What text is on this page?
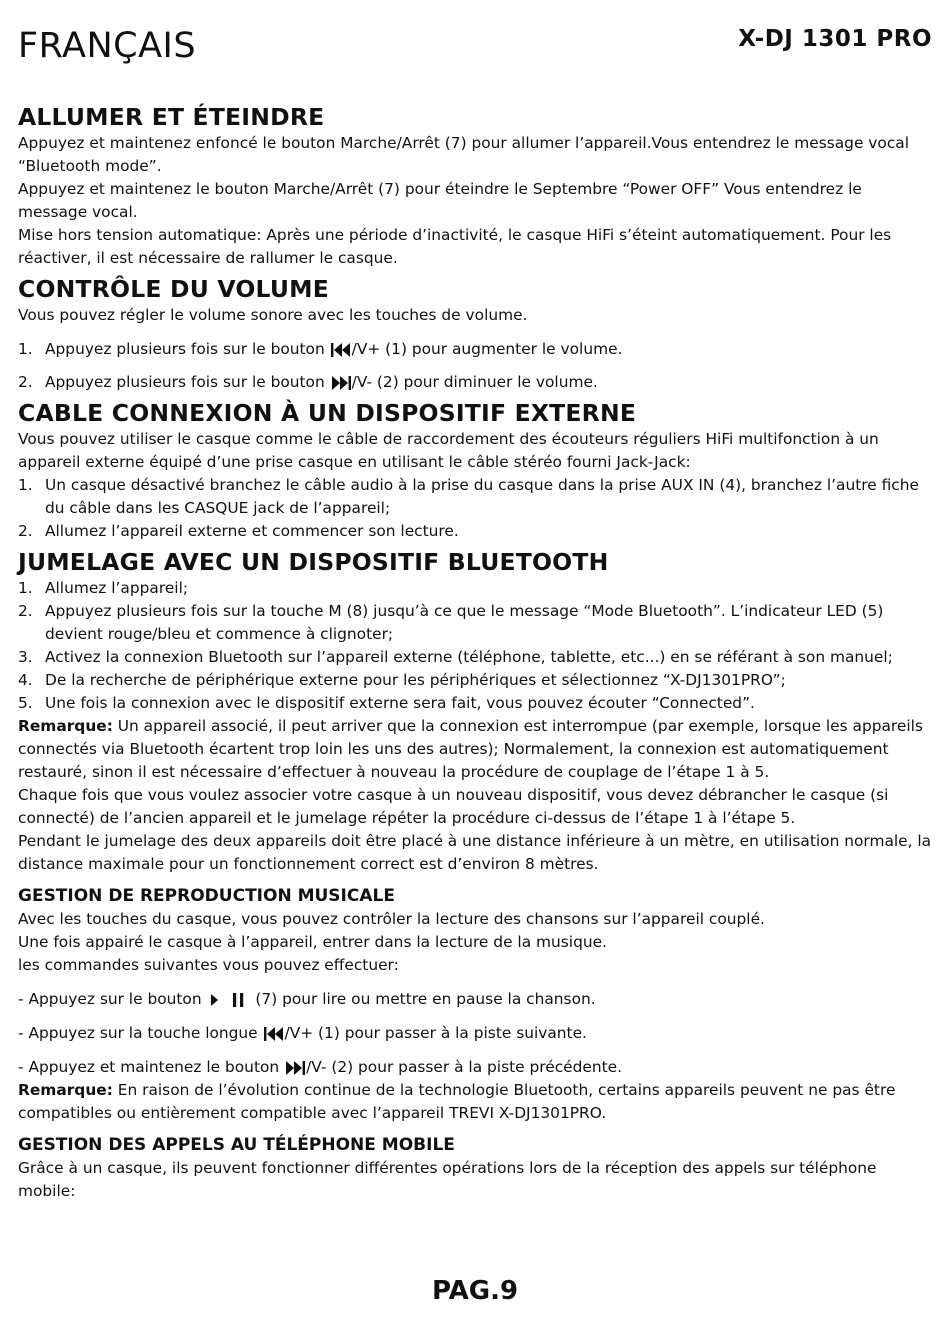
FRANÇAIS	X-DJ 1301 PRO
ALLUMER ET ÉTEINDRE

Appuyez et maintenez enfoncé le bouton Marche/Arrêt (7) pour allumer l’appareil.Vous entendrez le message vocal “Bluetooth mode”.

Appuyez et maintenez le bouton Marche/Arrêt (7) pour éteindre le Septembre “Power OFF” Vous entendrez le message vocal.

Mise hors tension automatique: Après une période d’inactivité, le casque HiFi s’éteint automatiquement. Pour les réactiver, il est nécessaire de rallumer le casque.

CONTRÔLE DU VOLUME

Vous pouvez régler le volume sonore avec les touches de volume.

1. Appuyez plusieurs fois sur le bouton /V+ (1) pour augmenter le volume.
2. Appuyez plusieurs fois sur le bouton /V- (2) pour diminuer le volume.
CABLE CONNEXION À UN DISPOSITIF EXTERNE

Vous pouvez utiliser le casque comme le câble de raccordement des écouteurs réguliers HiFi multifonction à un appareil externe équipé d’une prise casque en utilisant le câble stéréo fourni Jack-Jack:

1. Un casque désactivé branchez le câble audio à la prise du casque dans la prise AUX IN (4), branchez l’autre fiche du câble dans les CASQUE jack de l’appareil;
2. Allumez l’appareil externe et commencer son lecture.
JUMELAGE AVEC UN DISPOSITIF BLUETOOTH
1. Allumez l’appareil;
2. Appuyez plusieurs fois sur la touche M (8) jusqu’à ce que le message “Mode Bluetooth”. L’indicateur LED (5) devient rouge/bleu et commence à clignoter;
3. Activez la connexion Bluetooth sur l’appareil externe (téléphone, tablette, etc...) en se référant à son manuel;
4. De la recherche de périphérique externe pour les périphériques et sélectionnez “X-DJ1301PRO”;
5. Une fois la connexion avec le dispositif externe sera fait, vous pouvez écouter “Connected”.

Remarque: Un appareil associé, il peut arriver que la connexion est interrompue (par exemple, lorsque les appareils connectés via Bluetooth écartent trop loin les uns des autres); Normalement, la connexion est automatiquement restauré, sinon il est nécessaire d’effectuer à nouveau la procédure de couplage de l’étape 1 à 5.

Chaque fois que vous voulez associer votre casque à un nouveau dispositif, vous devez débrancher le casque (si connecté) de l’ancien appareil et le jumelage répéter la procédure ci-dessus de l’étape 1 à l’étape 5.

Pendant le jumelage des deux appareils doit être placé à une distance inférieure à un mètre, en utilisation normale, la distance maximale pour un fonctionnement correct est d’environ 8 mètres.

GESTION DE REPRODUCTION MUSICALE

Avec les touches du casque, vous pouvez contrôler la lecture des chansons sur l’appareil couplé.

Une fois appairé le casque à l’appareil, entrer dans la lecture de la musique.

les commandes suivantes vous pouvez effectuer:

- Appuyez sur le bouton	(7) pour lire ou mettre en pause la chanson.

- Appuyez sur la touche longue /V+ (1) pour passer à la piste suivante.

- Appuyez et maintenez le bouton /V- (2) pour passer à la piste précédente.

Remarque: En raison de l’évolution continue de la technologie Bluetooth, certains appareils peuvent ne pas être compatibles ou entièrement compatible avec l’appareil TREVI X-DJ1301PRO.

GESTION DES APPELS AU TÉLÉPHONE MOBILE

Grâce à un casque, ils peuvent fonctionner différentes opérations lors de la réception des appels sur téléphone mobile:

PAG.9
